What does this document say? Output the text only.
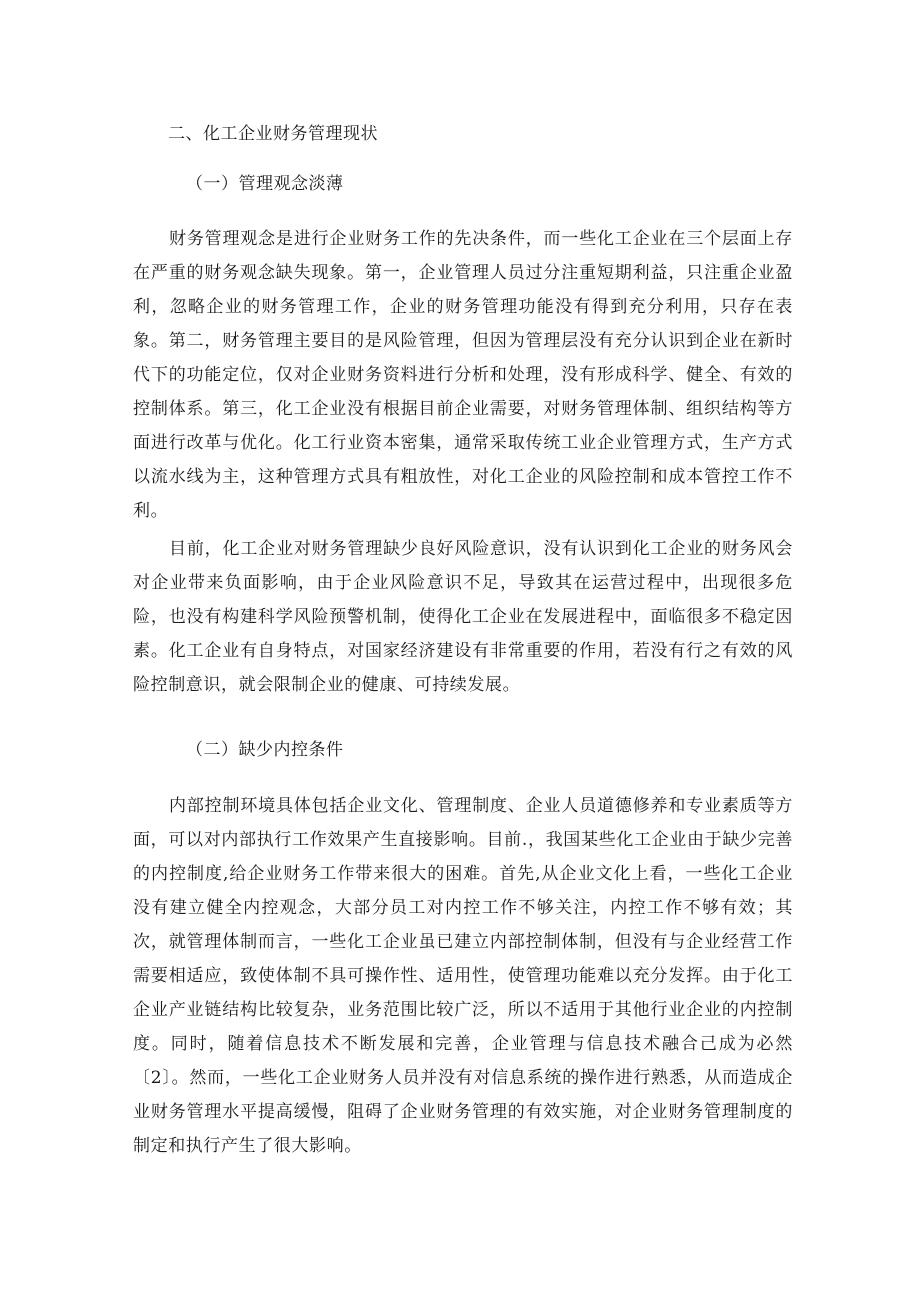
二、化工企业财务管理现状
（一）管理观念淡薄

财务管理观念是进行企业财务工作的先决条件，而一些化工企业在三个层面上存在严重的财务观念缺失现象。第一，企业管理人员过分注重短期利益，只注重企业盈利，忽略企业的财务管理工作，企业的财务管理功能没有得到充分利用，只存在表象。第二，财务管理主要目的是风险管理，但因为管理层没有充分认识到企业在新时代下的功能定位，仅对企业财务资料进行分析和处理，没有形成科学、健全、有效的控制体系。第三，化工企业没有根据目前企业需要，对财务管理体制、组织结构等方面进行改革与优化。化工行业资本密集，通常采取传统工业企业管理方式，生产方式以流水线为主，这种管理方式具有粗放性，对化工企业的风险控制和成本管控工作不利。

目前，化工企业对财务管理缺少良好风险意识，没有认识到化工企业的财务风会对企业带来负面影响，由于企业风险意识不足，导致其在运营过程中，出现很多危险，也没有构建科学风险预警机制，使得化工企业在发展进程中，面临很多不稳定因素。化工企业有自身特点，对国家经济建设有非常重要的作用，若没有行之有效的风险控制意识，就会限制企业的健康、可持续发展。

（二）缺少内控条件

内部控制环境具体包括企业文化、管理制度、企业人员道德修养和专业素质等方面，可以对内部执行工作效果产生直接影响。目前.，我国某些化工企业由于缺少完善的内控制度,给企业财务工作带来很大的困难。首先,从企业文化上看，一些化工企业没有建立健全内控观念，大部分员工对内控工作不够关注，内控工作不够有效；其次，就管理体制而言，一些化工企业虽已建立内部控制体制，但没有与企业经营工作需要相适应，致使体制不具可操作性、适用性，使管理功能难以充分发挥。由于化工企业产业链结构比较复杂，业务范围比较广泛，所以不适用于其他行业企业的内控制度。同时，随着信息技术不断发展和完善，企业管理与信息技术融合己成为必然〔2〕。然而，一些化工企业财务人员并没有对信息系统的操作进行熟悉，从而造成企业财务管理水平提高缓慢，阻碍了企业财务管理的有效实施，对企业财务管理制度的制定和执行产生了很大影响。
